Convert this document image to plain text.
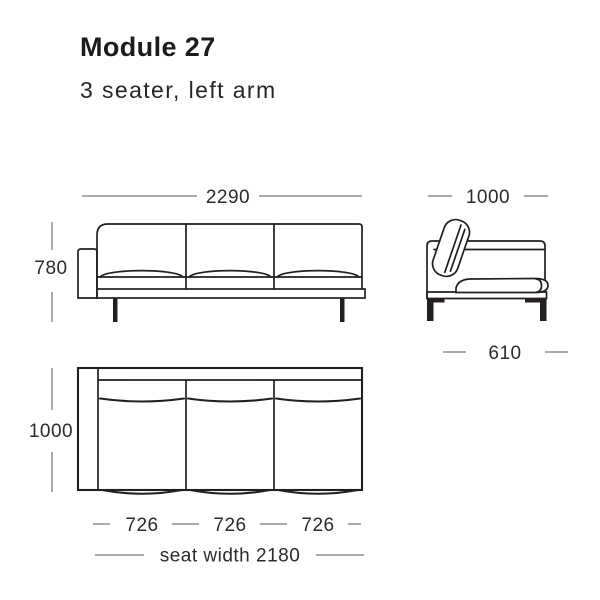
Module 27
3 seater, left arm
2290
780
1000
610
1000
726	726	726
seat width 2180
